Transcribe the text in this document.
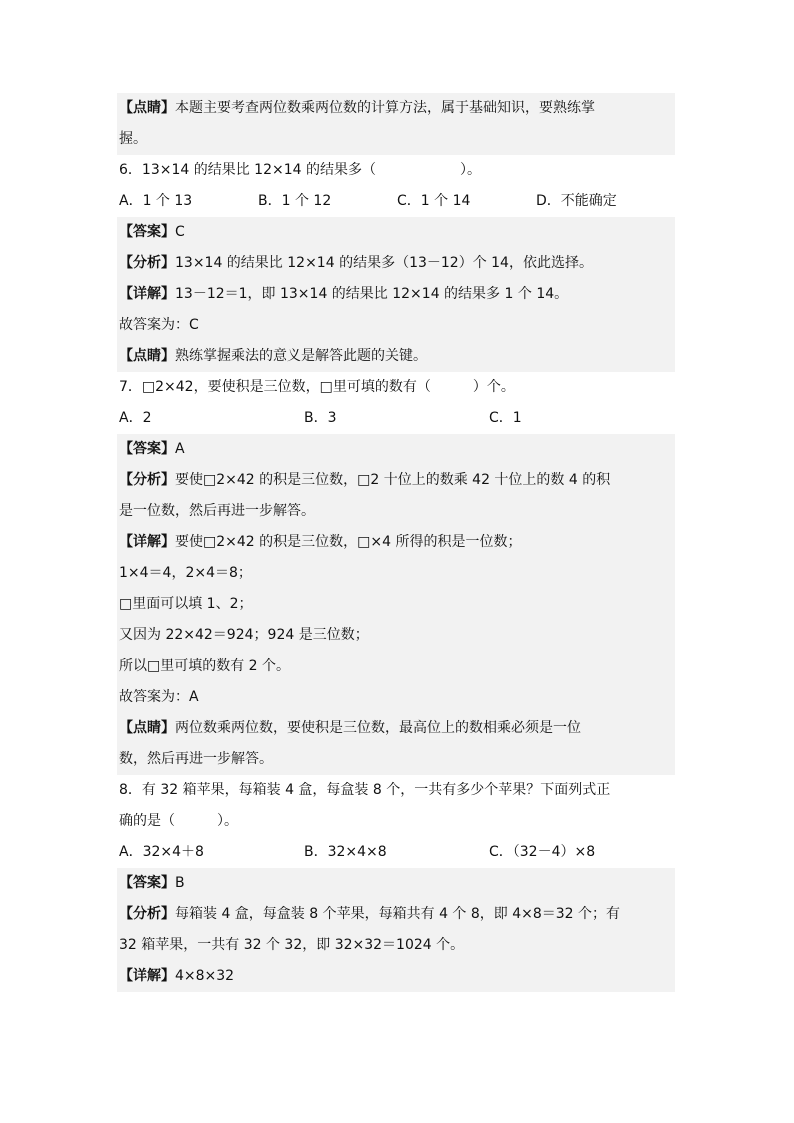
【点睛】本题主要考查两位数乘两位数的计算方法，属于基础知识，要熟练掌
握。
6．13×14 的结果比 12×14 的结果多（　　　　　　）。
A．1 个 13	B．1 个 12	C．1 个 14	D．不能确定
【答案】C
【分析】13×14 的结果比 12×14 的结果多（13－12）个 14，依此选择。
【详解】13－12＝1，即 13×14 的结果比 12×14 的结果多 1 个 14。
故答案为：C
【点睛】熟练掌握乘法的意义是解答此题的关键。
7．□2×42，要使积是三位数，□里可填的数有（　　　）个。
A．2	B．3	C．1
【答案】A
【分析】要使□2×42 的积是三位数，□2 十位上的数乘 42 十位上的数 4 的积
是一位数，然后再进一步解答。
【详解】要使□2×42 的积是三位数，□×4 所得的积是一位数；
1×4＝4，2×4＝8；
□里面可以填 1、2；
又因为 22×42＝924；924 是三位数；
所以□里可填的数有 2 个。
故答案为：A
【点睛】两位数乘两位数，要使积是三位数，最高位上的数相乘必须是一位
数，然后再进一步解答。
8．有 32 箱苹果，每箱装 4 盒，每盒装 8 个，一共有多少个苹果？下面列式正
确的是（　　　）。
A．32×4＋8	B．32×4×8	C．（32－4）×8
【答案】B
【分析】每箱装 4 盒，每盒装 8 个苹果，每箱共有 4 个 8，即 4×8＝32 个；有
32 箱苹果，一共有 32 个 32，即 32×32＝1024 个。
【详解】4×8×32
